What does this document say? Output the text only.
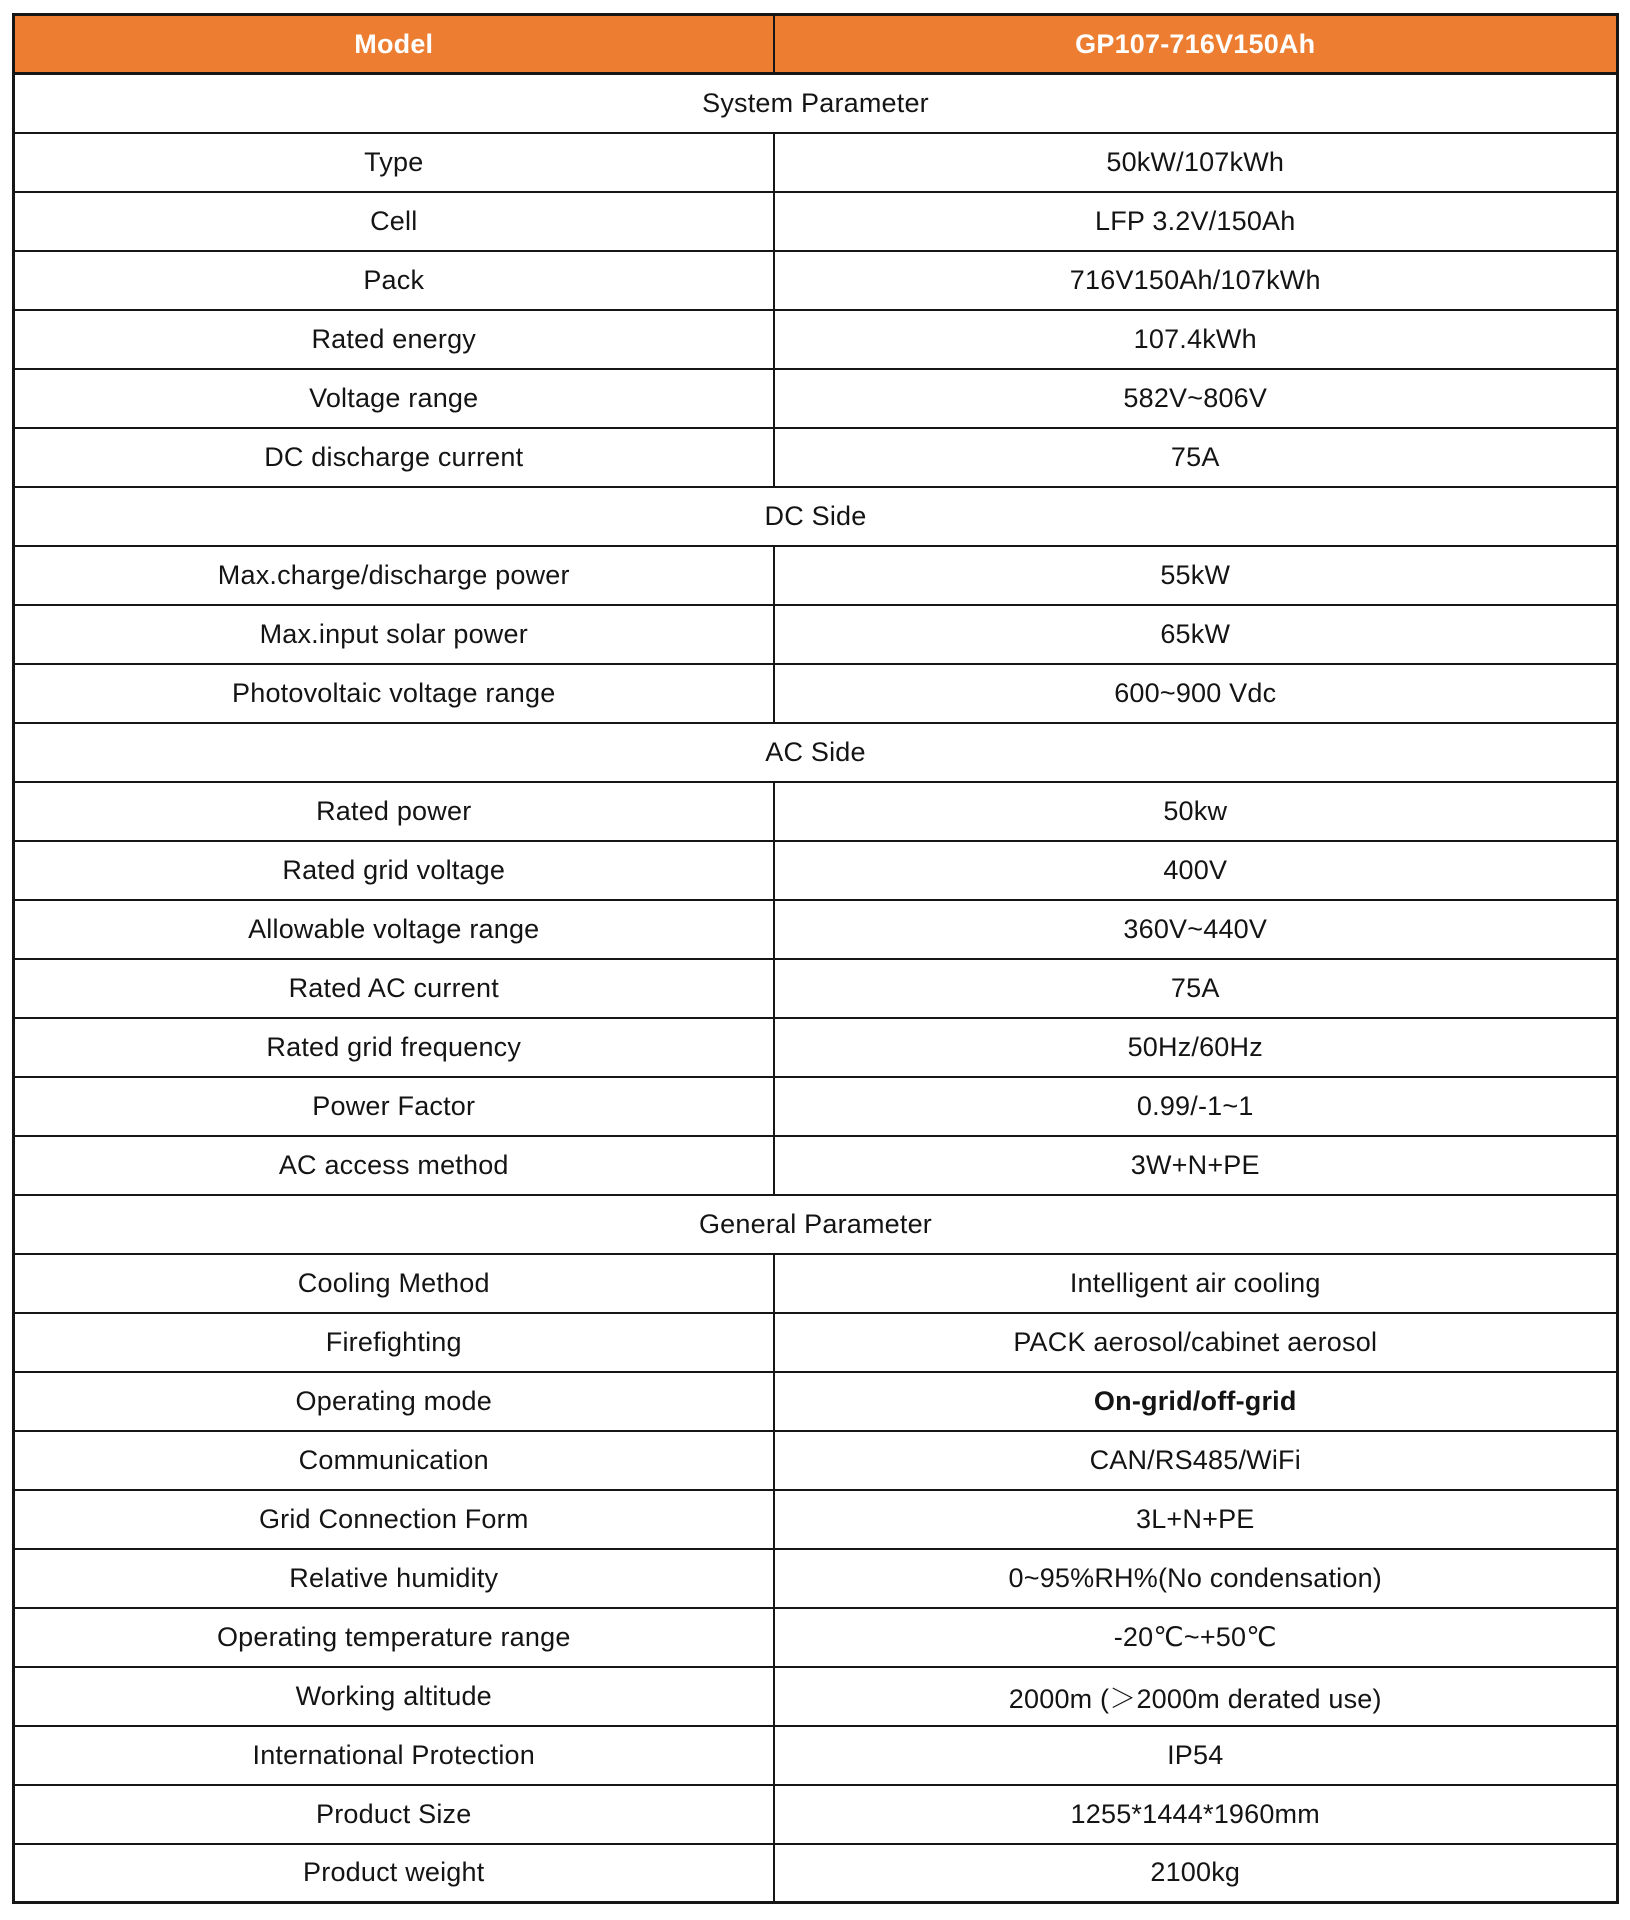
Model	GP107-716V150Ah
System Parameter	
Type	50kW/107kWh
Cell	LFP 3.2V/150Ah
Pack	716V150Ah/107kWh
Rated energy	107.4kWh
Voltage range	582V~806V
DC discharge current	75A
DC Side	
Max.charge/discharge power	55kW
Max.input solar power	65kW
Photovoltaic voltage range	600~900 Vdc
AC Side	
Rated power	50kw
Rated grid voltage	400V
Allowable voltage range	360V~440V
Rated AC current	75A
Rated grid frequency	50Hz/60Hz
Power Factor	0.99/-1~1
AC access method	3W+N+PE
General Parameter	
Cooling Method	Intelligent air cooling
Firefighting	PACK aerosol/cabinet aerosol
Operating mode	On-grid/off-grid
Communication	CAN/RS485/WiFi
Grid Connection Form	3L+N+PE
Relative humidity	0~95%RH%(No condensation)
Operating temperature range	-20℃~+50℃
Working altitude	2000m (＞2000m derated use)
International Protection	IP54
Product Size	1255*1444*1960mm
Product weight	2100kg
